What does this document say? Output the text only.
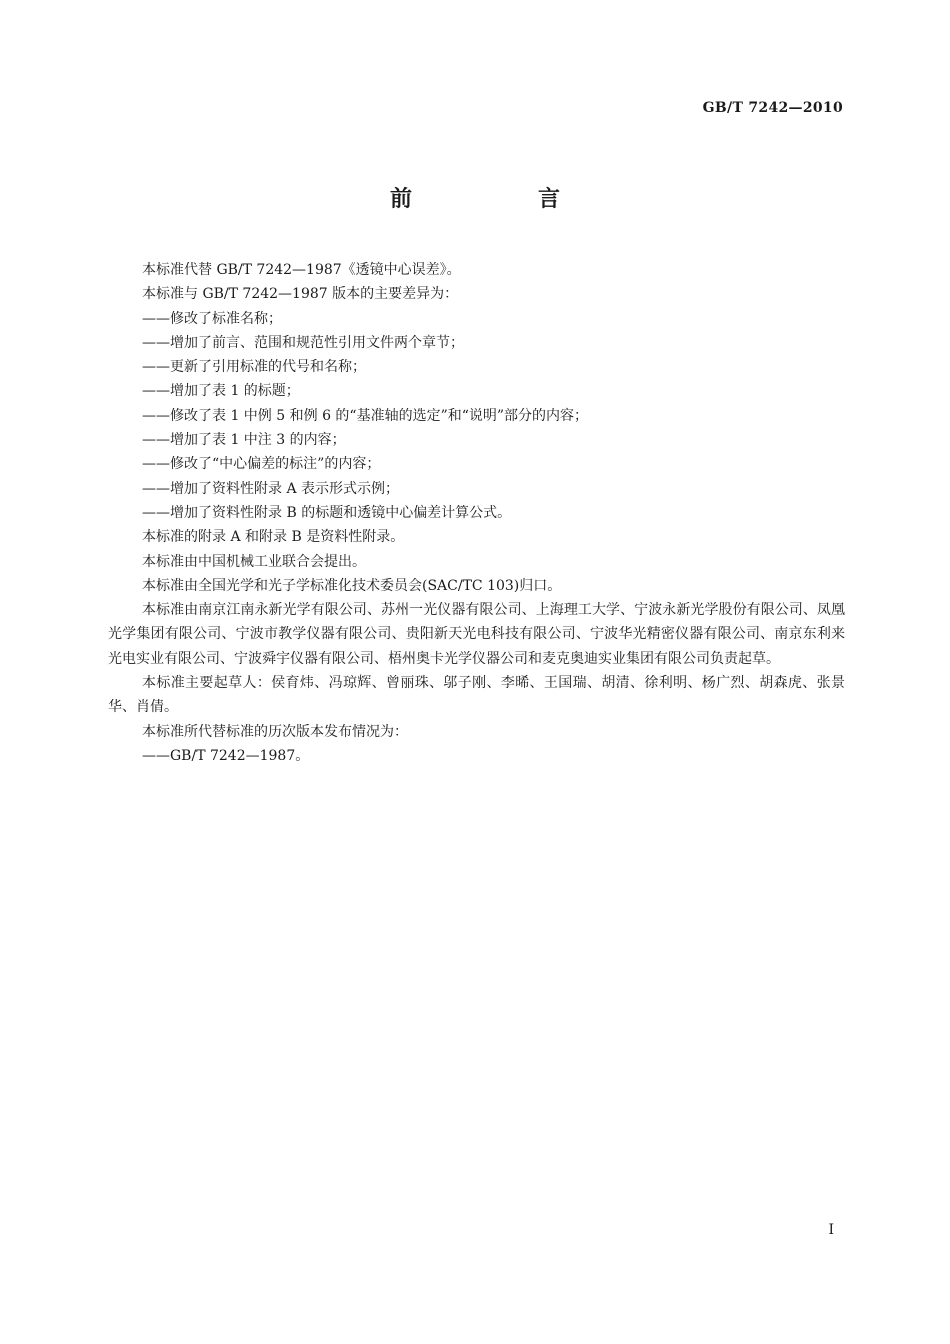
GB/T 7242—2010
前　言

本标准代替 GB/T 7242—1987《透镜中心误差》。

本标准与 GB/T 7242—1987 版本的主要差异为：

——修改了标准名称；

——增加了前言、范围和规范性引用文件两个章节；

——更新了引用标准的代号和名称；

——增加了表 1 的标题；

——修改了表 1 中例 5 和例 6 的“基准轴的选定”和“说明”部分的内容；

——增加了表 1 中注 3 的内容；

——修改了“中心偏差的标注”的内容；

——增加了资料性附录 A 表示形式示例；

——增加了资料性附录 B 的标题和透镜中心偏差计算公式。

本标准的附录 A 和附录 B 是资料性附录。

本标准由中国机械工业联合会提出。

本标准由全国光学和光子学标准化技术委员会(SAC/TC 103)归口。

本标准由南京江南永新光学有限公司、苏州一光仪器有限公司、上海理工大学、宁波永新光学股份有限公司、凤凰光学集团有限公司、宁波市教学仪器有限公司、贵阳新天光电科技有限公司、宁波华光精密仪器有限公司、南京东利来光电实业有限公司、宁波舜宇仪器有限公司、梧州奥卡光学仪器公司和麦克奥迪实业集团有限公司负责起草。

本标准主要起草人：侯育炜、冯琼辉、曾丽珠、邬子刚、李晞、王国瑞、胡清、徐利明、杨广烈、胡森虎、张景华、肖倩。

本标准所代替标准的历次版本发布情况为：

——GB/T 7242—1987。

I
